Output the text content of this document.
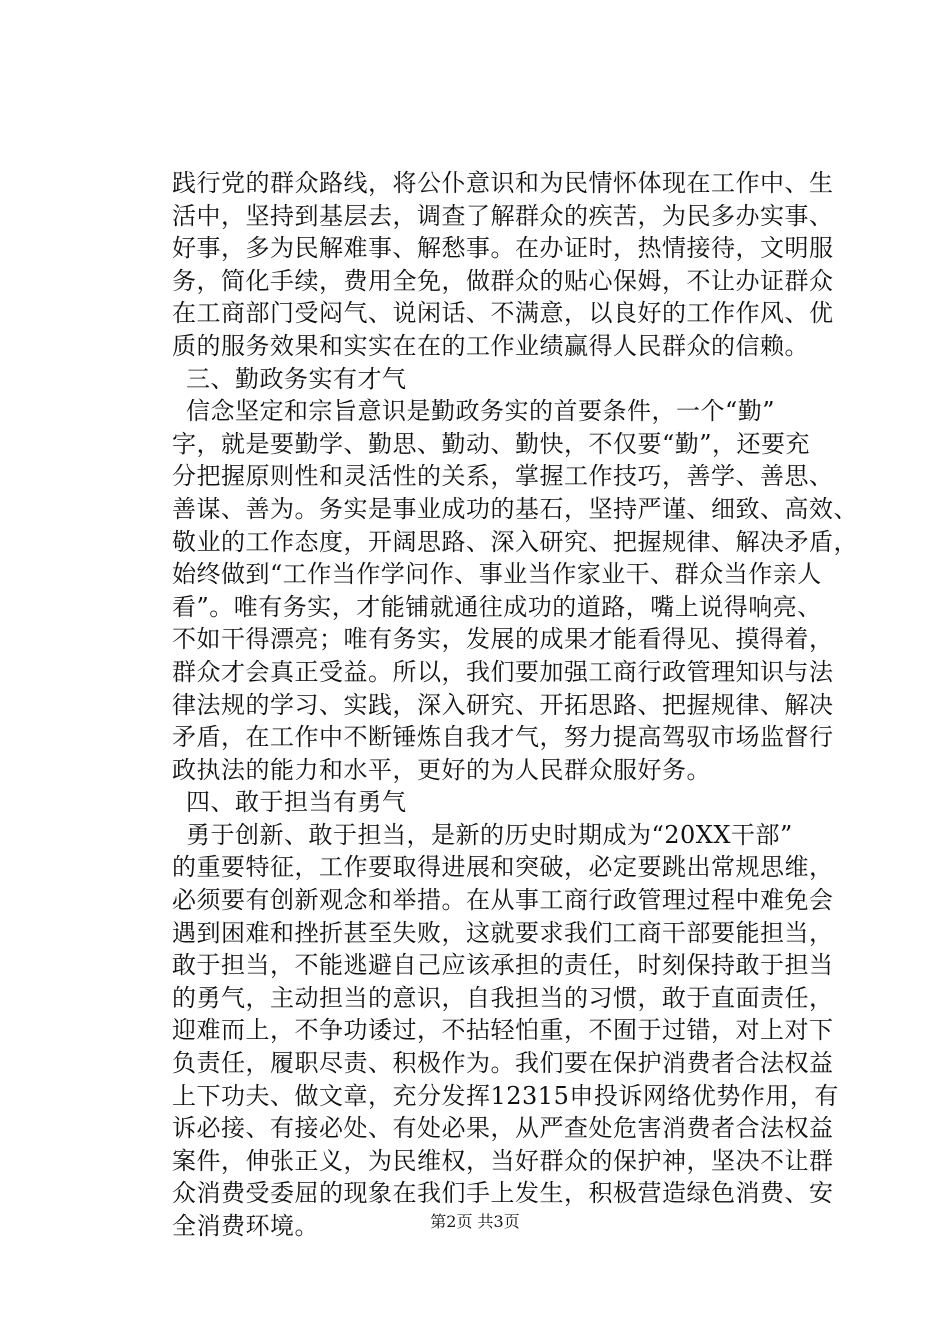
践行党的群众路线，将公仆意识和为民情怀体现在工作中、生
活中，坚持到基层去，调查了解群众的疾苦，为民多办实事、
好事，多为民解难事、解愁事。在办证时，热情接待，文明服
务，简化手续，费用全免，做群众的贴心保姆，不让办证群众
在工商部门受闷气、说闲话、不满意，以良好的工作作风、优
质的服务效果和实实在在的工作业绩赢得人民群众的信赖。
三、勤政务实有才气
信念坚定和宗旨意识是勤政务实的首要条件，一个“勤”
字，就是要勤学、勤思、勤动、勤快，不仅要“勤”，还要充
分把握原则性和灵活性的关系，掌握工作技巧，善学、善思、
善谋、善为。务实是事业成功的基石，坚持严谨、细致、高效、
敬业的工作态度，开阔思路、深入研究、把握规律、解决矛盾，
始终做到“工作当作学问作、事业当作家业干、群众当作亲人
看”。唯有务实，才能铺就通往成功的道路，嘴上说得响亮、
不如干得漂亮；唯有务实，发展的成果才能看得见、摸得着，
群众才会真正受益。所以，我们要加强工商行政管理知识与法
律法规的学习、实践，深入研究、开拓思路、把握规律、解决
矛盾，在工作中不断锤炼自我才气，努力提高驾驭市场监督行
政执法的能力和水平，更好的为人民群众服好务。
四、敢于担当有勇气
勇于创新、敢于担当，是新的历史时期成为“20XX干部”
的重要特征，工作要取得进展和突破，必定要跳出常规思维，
必须要有创新观念和举措。在从事工商行政管理过程中难免会
遇到困难和挫折甚至失败，这就要求我们工商干部要能担当，
敢于担当，不能逃避自己应该承担的责任，时刻保持敢于担当
的勇气，主动担当的意识，自我担当的习惯，敢于直面责任，
迎难而上，不争功诿过，不拈轻怕重，不囿于过错，对上对下
负责任，履职尽责、积极作为。我们要在保护消费者合法权益
上下功夫、做文章，充分发挥12315申投诉网络优势作用，有
诉必接、有接必处、有处必果，从严查处危害消费者合法权益
案件，伸张正义，为民维权，当好群众的保护神，坚决不让群
众消费受委屈的现象在我们手上发生，积极营造绿色消费、安
全消费环境。	第2页 共3页
